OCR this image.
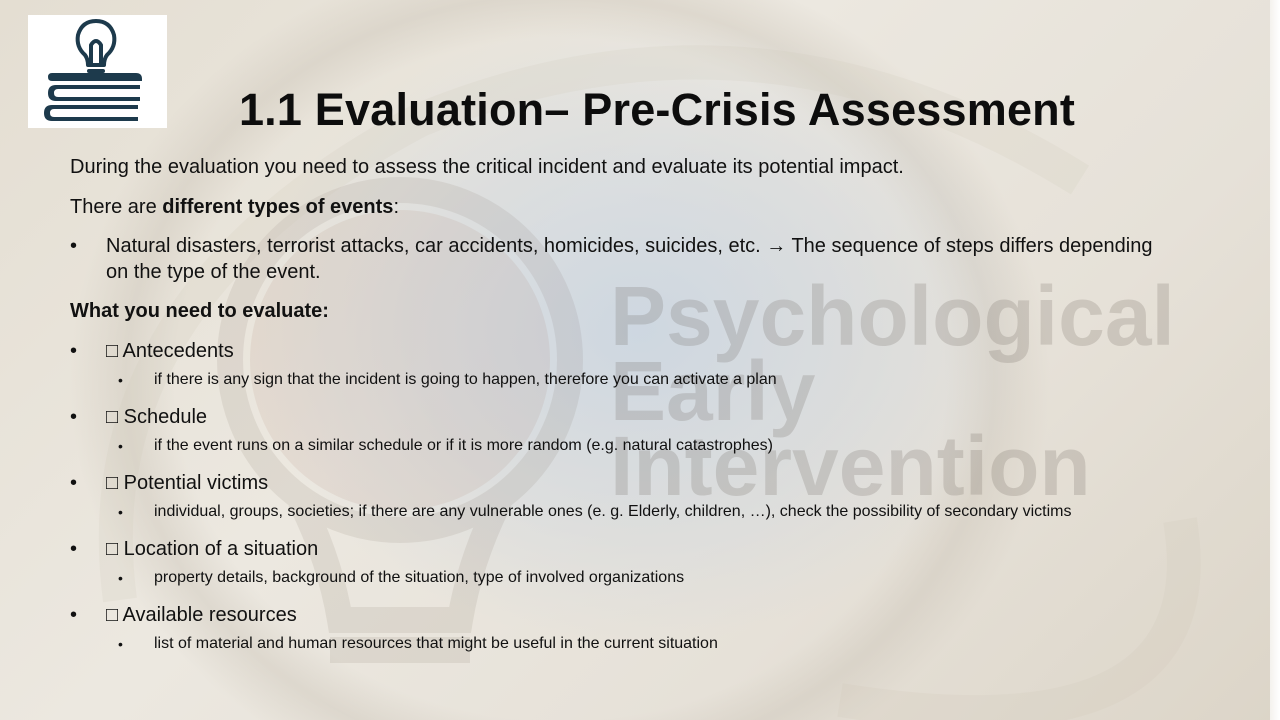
Psychological
Early
Intervention
1.1 Evaluation– Pre-Crisis Assessment

During the evaluation you need to assess the critical incident and evaluate its potential impact.

There are different types of events:

• Natural disasters, terrorist attacks, car accidents, homicides, suicides, etc. → The sequence of steps differs depending on the type of the event.

What you need to evaluate:

• □ Antecedents
• if there is any sign that the incident is going to happen, therefore you can activate a plan
• □ Schedule
• if the event runs on a similar schedule or if it is more random (e.g. natural catastrophes)
• □ Potential victims
• individual, groups, societies; if there are any vulnerable ones (e. g. Elderly, children, …), check the possibility of secondary victims
• □ Location of a situation
• property details, background of the situation, type of involved organizations
• □ Available resources
• list of material and human resources that might be useful in the current situation
